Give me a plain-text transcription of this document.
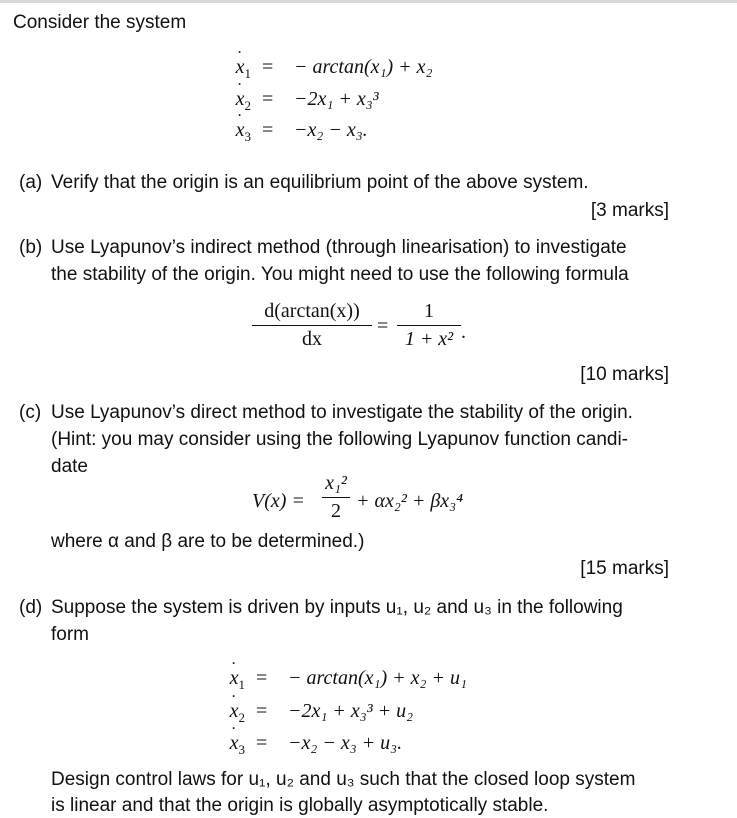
Consider the system
˙ $x_1$ = − arctan(x₁) + x₂
˙ $x_2 = -2x_1 + x_3^3$
˙ $x_3 = -x_2 - x_3$.
(a) Verify that the origin is an equilibrium point of the above system.
[3 marks]
(b) Use Lyapunov’s indirect method (through linearisation) to investigate
the stability of the origin. You might need to use the following formula
d(arctan(x))
dx
=
1
1 + x² .
[10 marks]
(c) Use Lyapunov’s direct method to investigate the stability of the origin.
(Hint: you may consider using the following Lyapunov function candi-
date
V(x) =
x₁²
2 + αx₂² + βx₃⁴
where α and β are to be determined.)
[15 marks]
(d) Suppose the system is driven by inputs u₁, u₂ and u₃ in the following
form
˙ $x_1$ = − arctan(x₁) + x₂ + u₁
˙ $x_2 = -2x_1 + x_3^3 + u_2$
˙ $x_3 = -x_2 - x_3 + u_3$.
Design control laws for u₁, u₂ and u₃ such that the closed loop system
is linear and that the origin is globally asymptotically stable.
